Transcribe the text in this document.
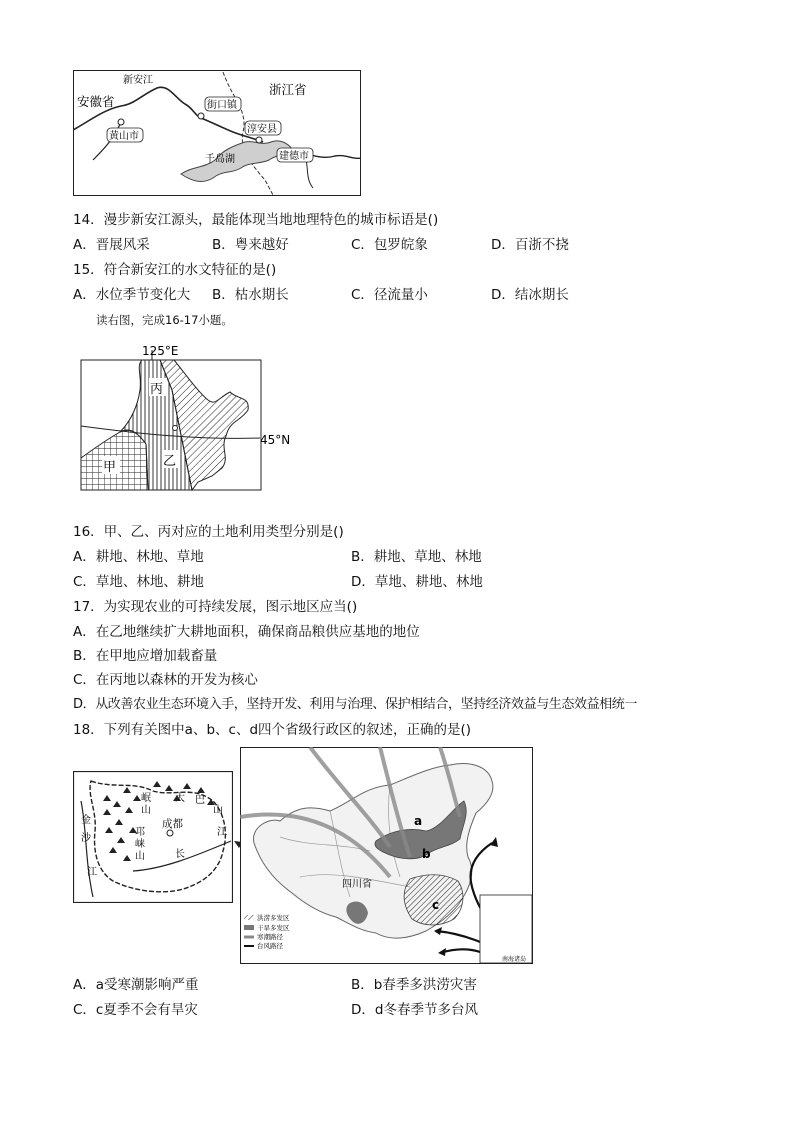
新安江
安徽省
浙江省
街口镇
淳安县
黄山市
千岛湖	建德市
14．漫步新安江源头，最能体现当地地理特色的城市标语是()
A．晋展风采	B．粤来越好	C．包罗皖象	D．百浙不挠
15．符合新安江的水文特征的是()
A．水位季节变化大 B．枯水期长	C．径流量小	D．结冰期长
读右图，完成16-17小题。
125°E
45°N
丙
乙
甲
16．甲、乙、丙对应的土地利用类型分别是()
A．耕地、林地、草地	B．耕地、草地、林地
C．草地、林地、耕地	D．草地、耕地、林地
17．为实现农业的可持续发展，图示地区应当()
A．在乙地继续扩大耕地面积，确保商品粮供应基地的地位
B．在甲地应增加载畜量
C．在丙地以森林的开发为核心
D．从改善农业生态环境入手，坚持开发、利用与治理、保护相结合，坚持经济效益与生态效益相统一
18．下列有关图中a、b、c、d四个省级行政区的叙述，正确的是()
成都
岷
山
邛
崃
山
大 巴
山
金
沙
江
长
江
a
b
c
四川省
南海诸岛
洪涝多发区
干旱多发区
寒潮路径
台风路径
A．a受寒潮影响严重	B．b春季多洪涝灾害
C．c夏季不会有旱灾	D．d冬春季节多台风
